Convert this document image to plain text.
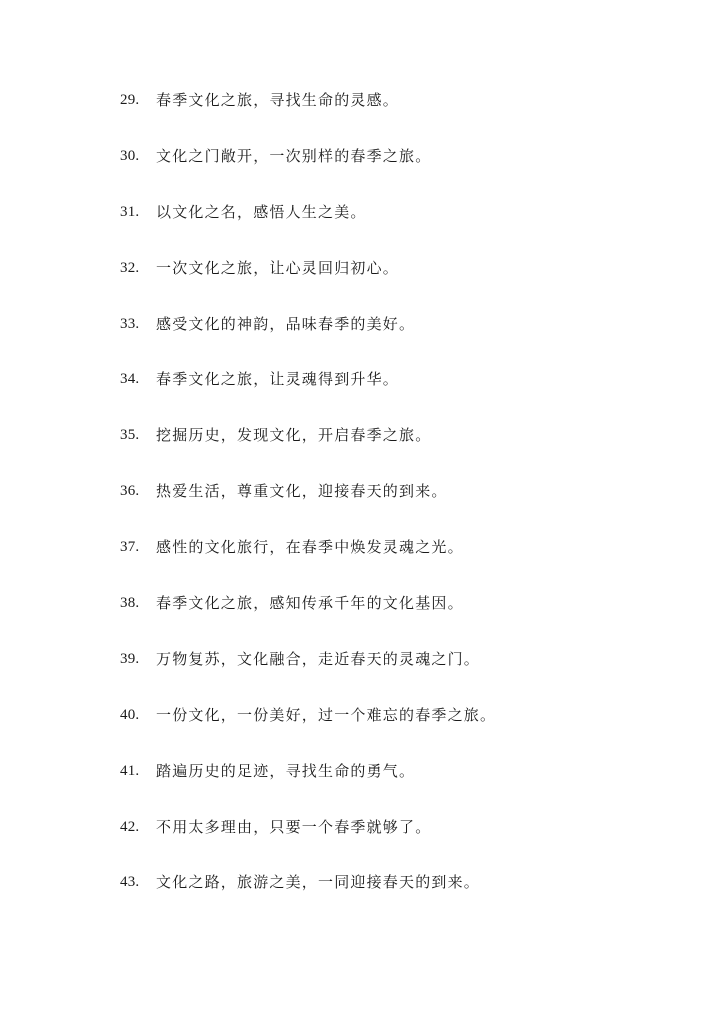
29.	春季文化之旅，寻找生命的灵感。
30.	文化之门敞开，一次别样的春季之旅。
31.	以文化之名，感悟人生之美。
32.	一次文化之旅，让心灵回归初心。
33.	感受文化的神韵，品味春季的美好。
34.	春季文化之旅，让灵魂得到升华。
35.	挖掘历史，发现文化，开启春季之旅。
36.	热爱生活，尊重文化，迎接春天的到来。
37.	感性的文化旅行，在春季中焕发灵魂之光。
38.	春季文化之旅，感知传承千年的文化基因。
39.	万物复苏，文化融合，走近春天的灵魂之门。
40.	一份文化，一份美好，过一个难忘的春季之旅。
41.	踏遍历史的足迹，寻找生命的勇气。
42.	不用太多理由，只要一个春季就够了。
43.	文化之路，旅游之美，一同迎接春天的到来。
